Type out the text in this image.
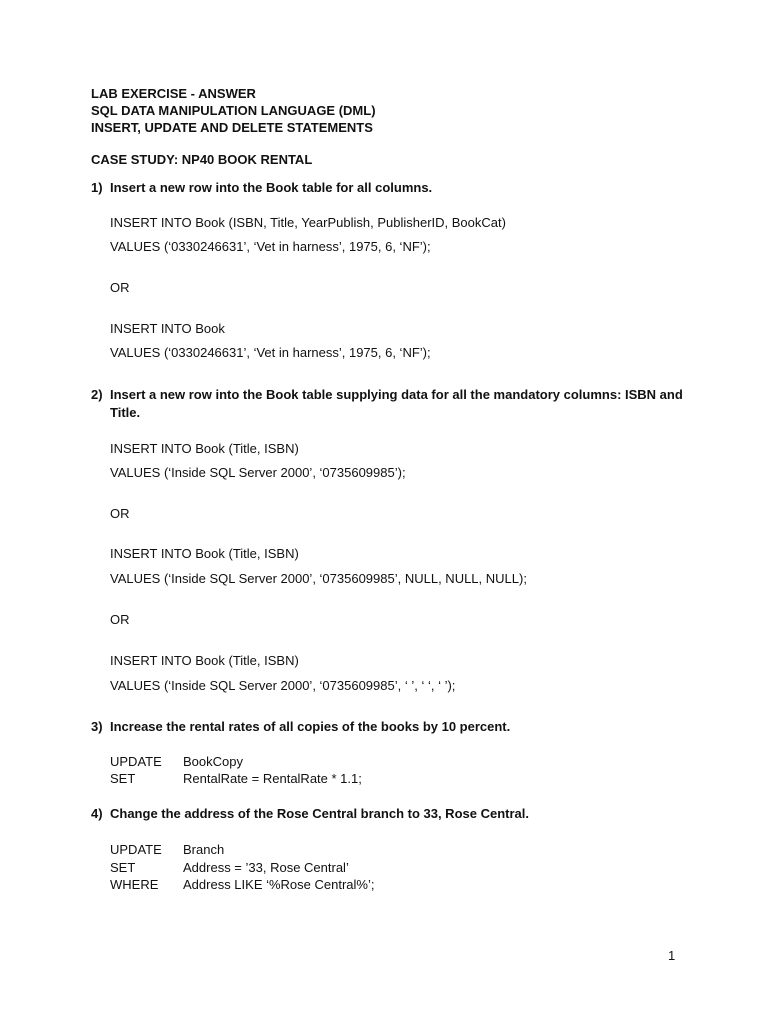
LAB EXERCISE - ANSWER
SQL DATA MANIPULATION LANGUAGE (DML)
INSERT, UPDATE AND DELETE STATEMENTS
CASE STUDY: NP40 BOOK RENTAL
1) Insert a new row into the Book table for all columns.
INSERT INTO Book (ISBN, Title, YearPublish, PublisherID, BookCat)
VALUES (‘0330246631’, ‘Vet in harness’, 1975, 6, ‘NF’);
OR
INSERT INTO Book
VALUES (‘0330246631’, ‘Vet in harness’, 1975, 6, ‘NF’);
2) Insert a new row into the Book table supplying data for all the mandatory columns: ISBN and
Title.
INSERT INTO Book (Title, ISBN)
VALUES (‘Inside SQL Server 2000’, ‘0735609985’);
OR
INSERT INTO Book (Title, ISBN)
VALUES (‘Inside SQL Server 2000’, ‘0735609985’, NULL, NULL, NULL);
OR
INSERT INTO Book (Title, ISBN)
VALUES (‘Inside SQL Server 2000’, ‘0735609985’, ‘ ’, ‘ ‘, ‘ ’);
3) Increase the rental rates of all copies of the books by 10 percent.
UPDATE BookCopy
SET	RentalRate = RentalRate * 1.1;
4) Change the address of the Rose Central branch to 33, Rose Central.
UPDATE Branch
SET	Address = ’33, Rose Central’
WHERE Address LIKE ‘%Rose Central%’;
1
